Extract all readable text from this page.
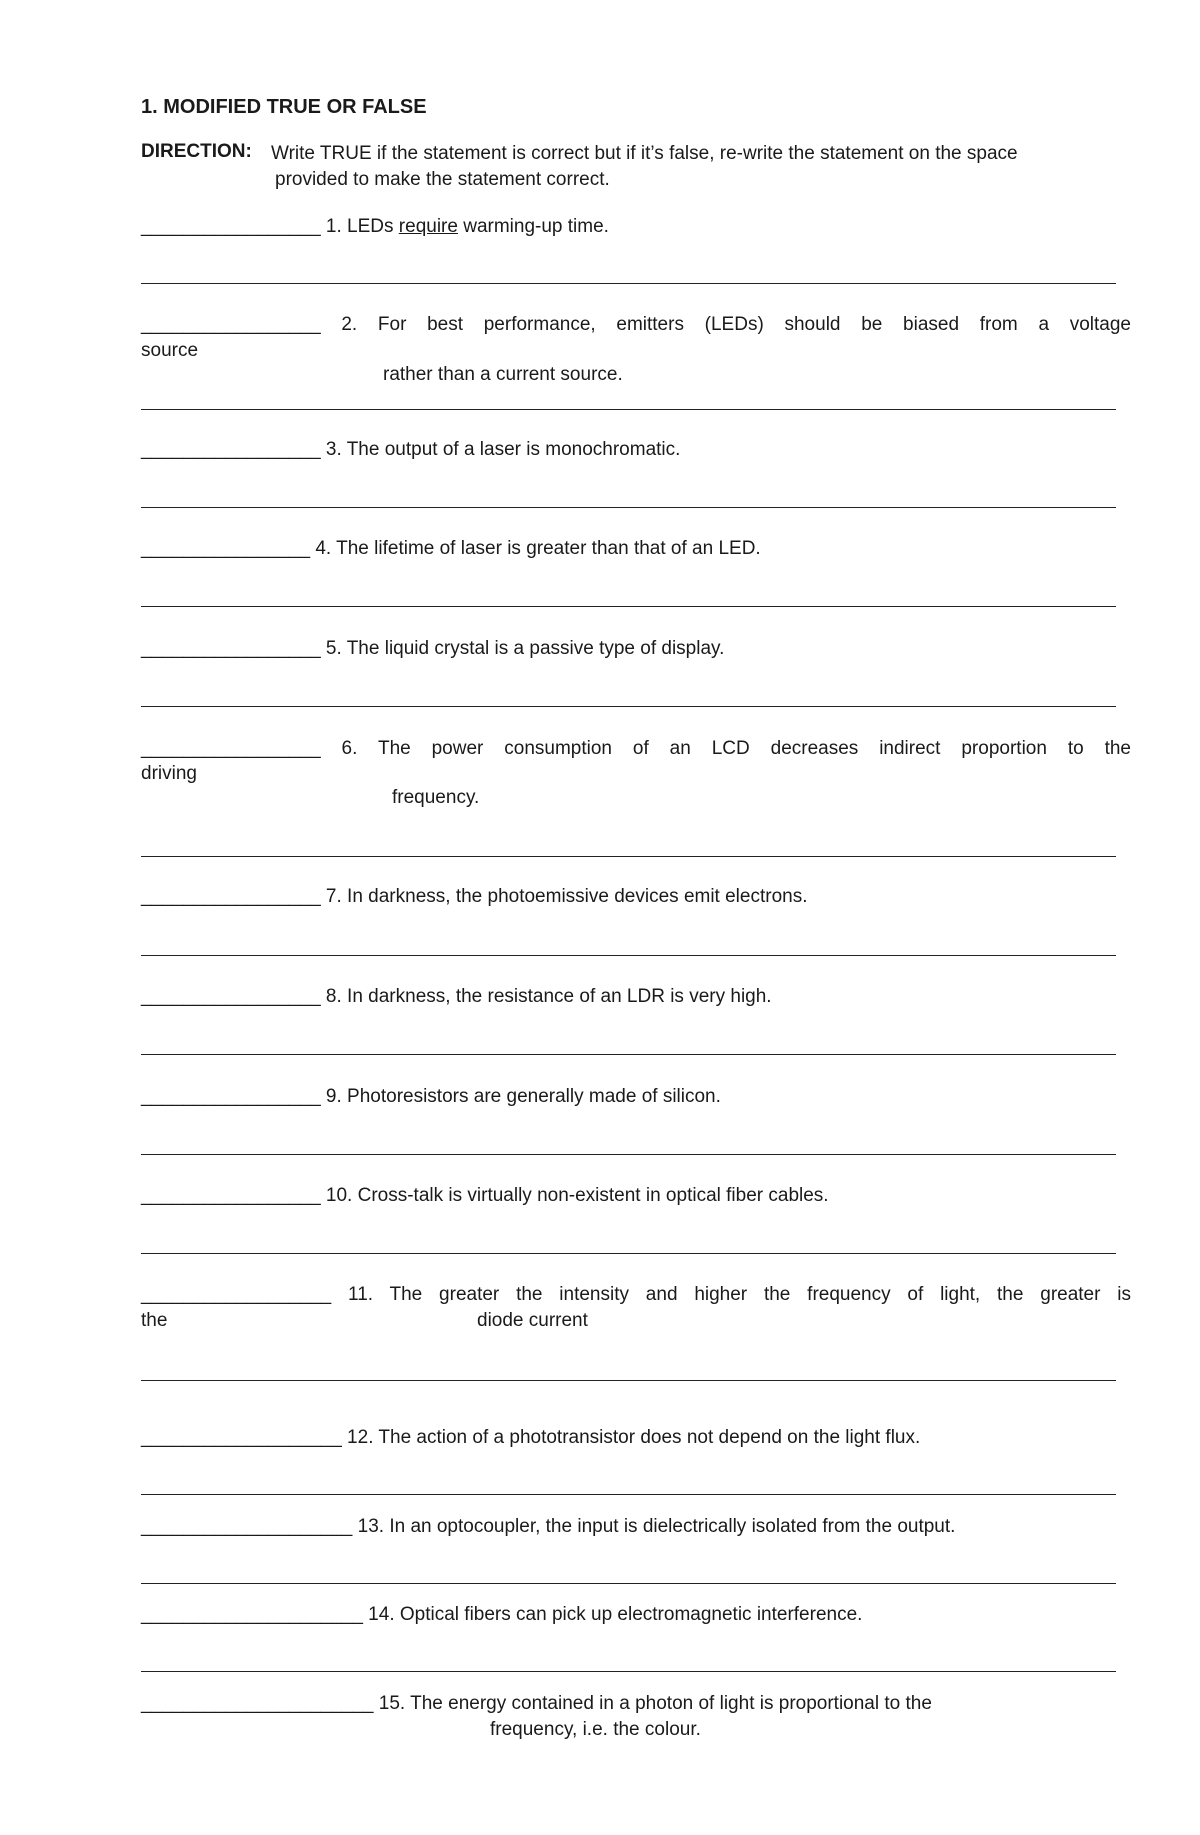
1. MODIFIED TRUE OR FALSE
DIRECTION: Write TRUE if the statement is correct but if it’s false, re-write the statement on the space
provided to make the statement correct.
_________________ 1. LEDs require warming-up time.
_________________ 2. For best performance, emitters (LEDs) should be biased from a voltage
source
rather than a current source.
_________________ 3. The output of a laser is monochromatic.
________________ 4. The lifetime of laser is greater than that of an LED.
_________________ 5. The liquid crystal is a passive type of display.
_________________ 6. The power consumption of an LCD decreases indirect proportion to the
driving
frequency.
_________________ 7. In darkness, the photoemissive devices emit electrons.
_________________ 8. In darkness, the resistance of an LDR is very high.
_________________ 9. Photoresistors are generally made of silicon.
_________________ 10. Cross-talk is virtually non-existent in optical fiber cables.
__________________ 11. The greater the intensity and higher the frequency of light, the greater is
the	diode current
___________________ 12. The action of a phototransistor does not depend on the light flux.
____________________ 13. In an optocoupler, the input is dielectrically isolated from the output.
_____________________ 14. Optical fibers can pick up electromagnetic interference.
______________________ 15. The energy contained in a photon of light is proportional to the
frequency, i.e. the colour.
